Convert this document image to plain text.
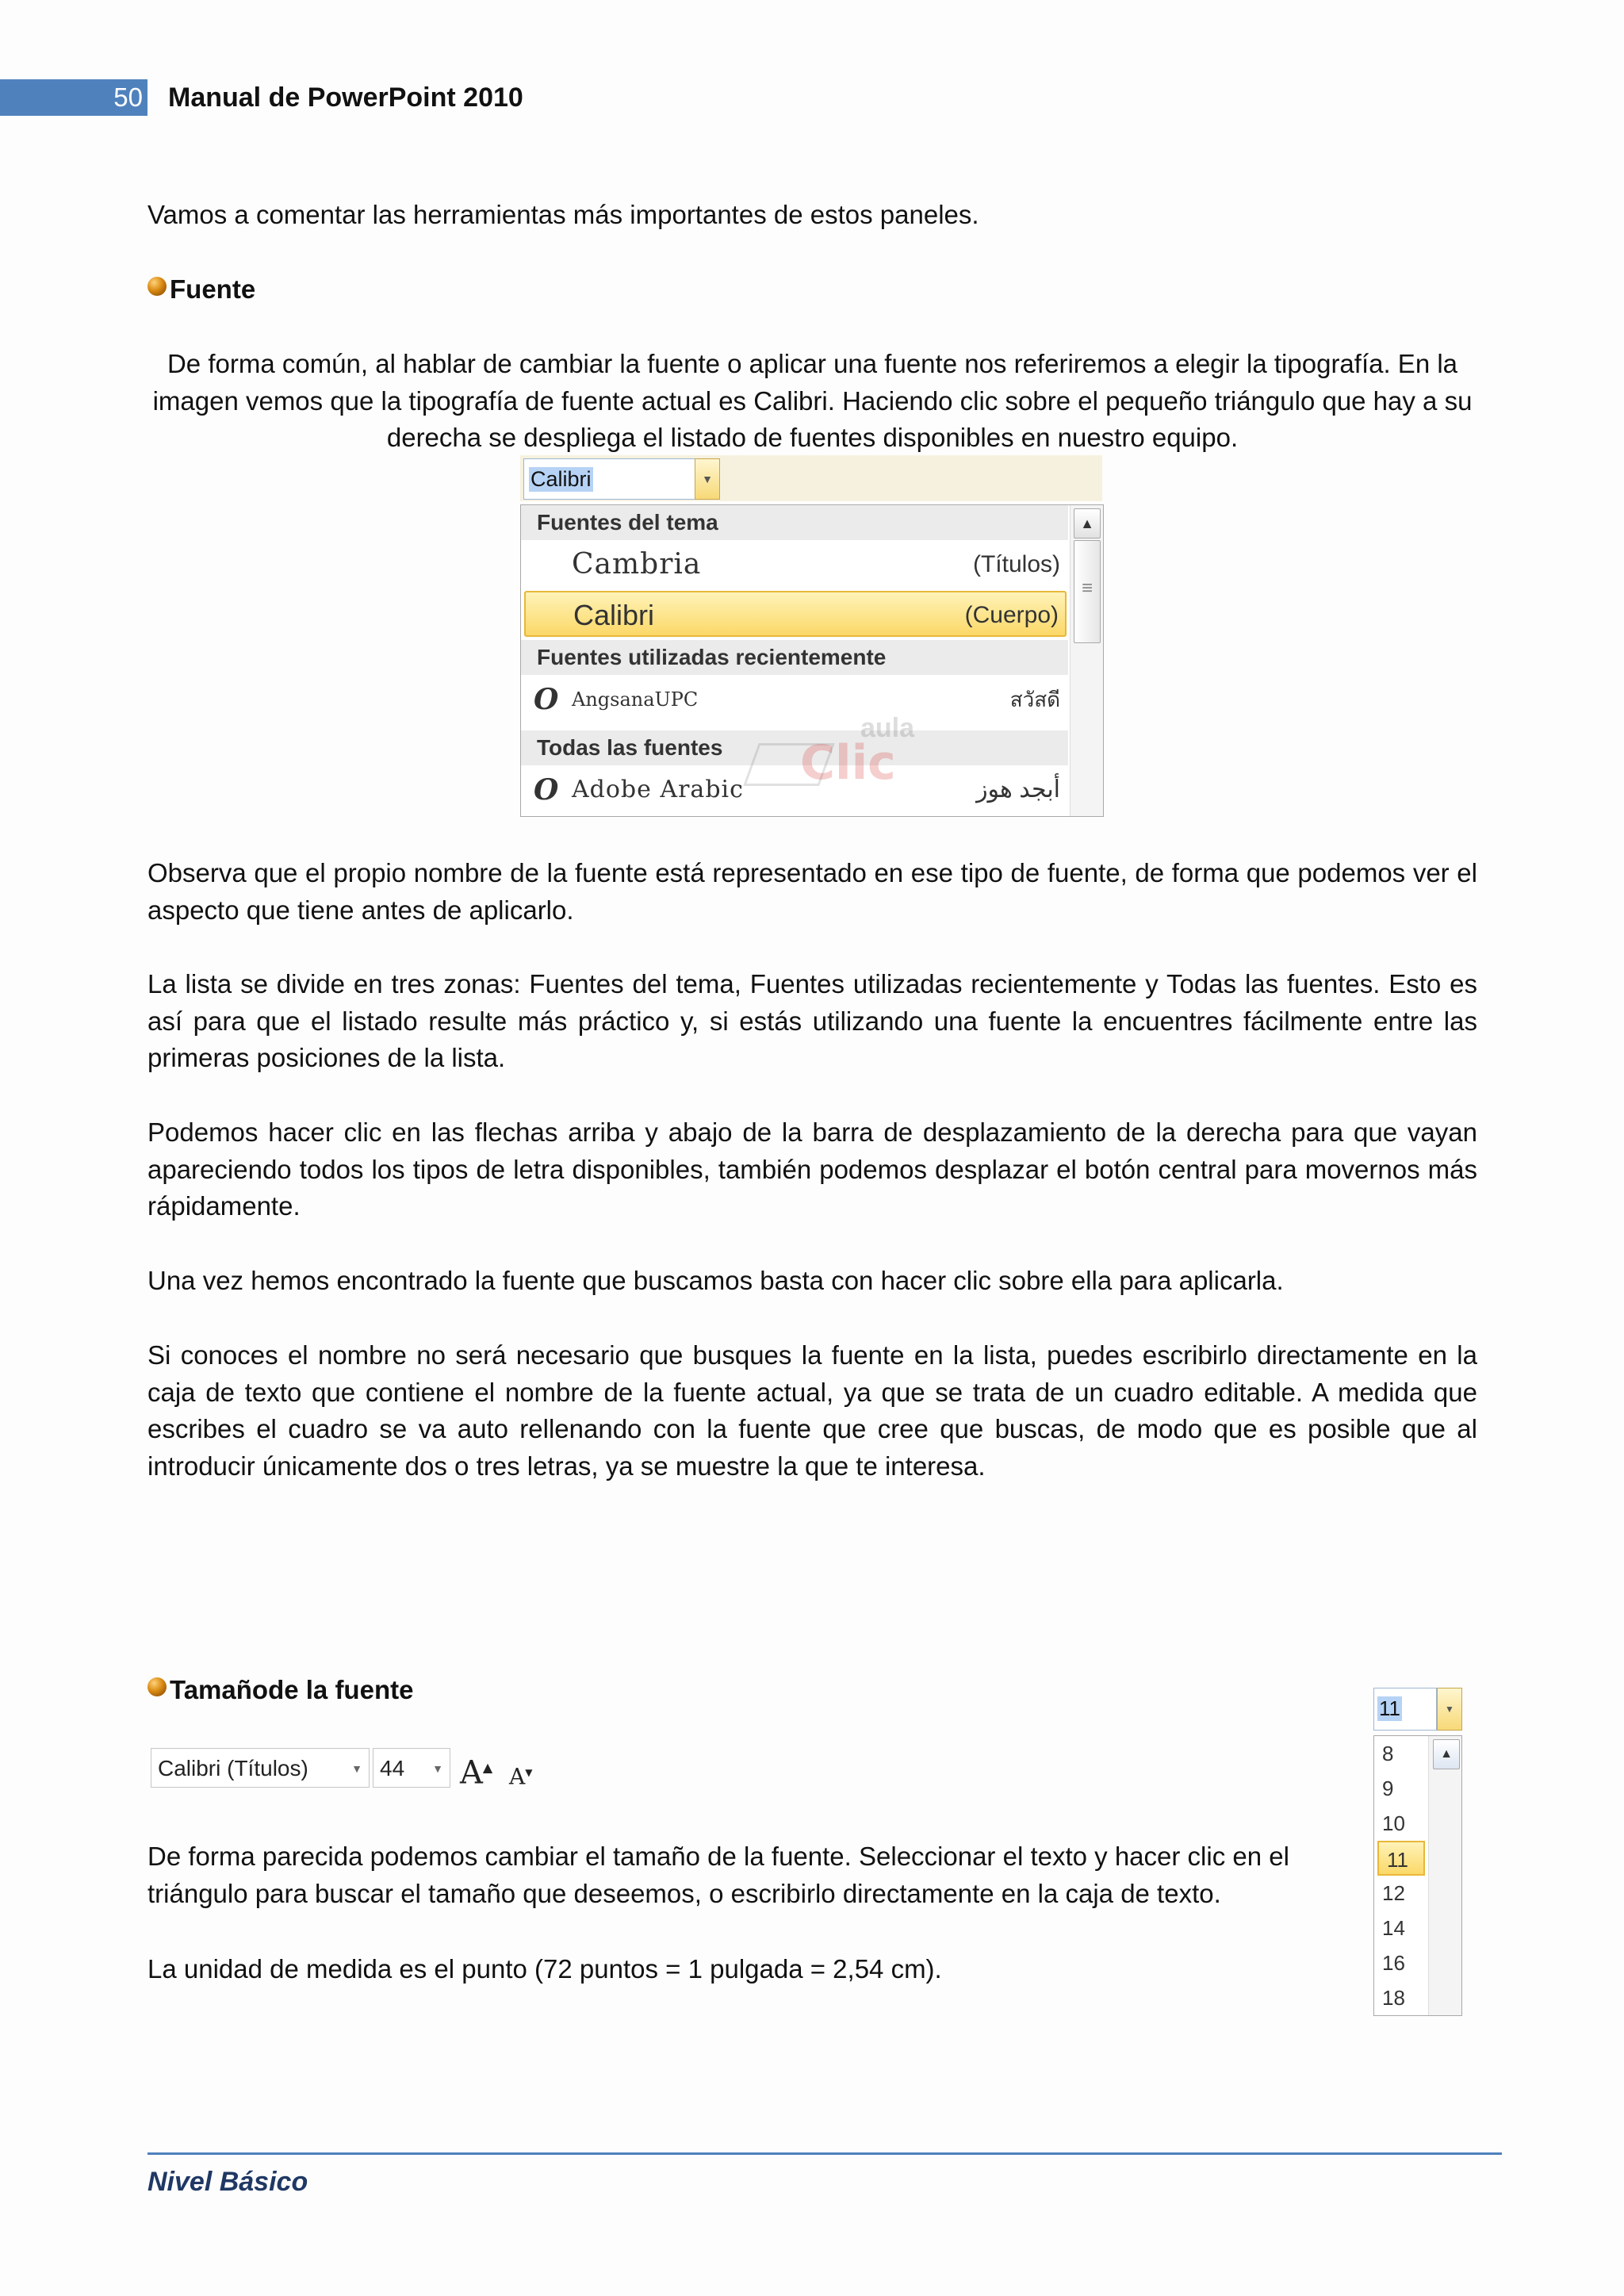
50 Manual de PowerPoint 2010
Vamos a comentar las herramientas más importantes de estos paneles.
Fuente
De forma común, al hablar de cambiar la fuente o aplicar una fuente nos referiremos a elegir la tipografía. En la imagen vemos que la tipografía de fuente actual es Calibri. Haciendo clic sobre el pequeño triángulo que hay a su derecha se despliega el listado de fuentes disponibles en nuestro equipo.
Calibri	▼
Fuentes del tema
Cambria	(Títulos)
Calibri	(Cuerpo)
Fuentes utilizadas recientemente
O AngsanaUPC	สวัสดี
Todas las fuentes
O Adobe Arabic	أبجد هوز
aula
Clic
▲
≡
Observa que el propio nombre de la fuente está representado en ese tipo de fuente, de forma que podemos ver el aspecto que tiene antes de aplicarlo.
La lista se divide en tres zonas: Fuentes del tema, Fuentes utilizadas recientemente y Todas las fuentes. Esto es así para que el listado resulte más práctico y, si estás utilizando una fuente la encuentres fácilmente entre las primeras posiciones de la lista.
Podemos hacer clic en las flechas arriba y abajo de la barra de desplazamiento de la derecha para que vayan apareciendo todos los tipos de letra disponibles, también podemos desplazar el botón central para movernos más rápidamente.
Una vez hemos encontrado la fuente que buscamos basta con hacer clic sobre ella para aplicarla.
Si conoces el nombre no será necesario que busques la fuente en la lista, puedes escribirlo directamente en la caja de texto que contiene el nombre de la fuente actual, ya que se trata de un cuadro editable. A medida que escribes el cuadro se va auto rellenando con la fuente que cree que buscas, de modo que es posible que al introducir únicamente dos o tres letras, ya se muestre la que te interesa.
Tamañode la fuente
Calibri (Títulos)	▼ 44 ▼ A▲ A▼
11	▼
8
9
10
11
12
14
16
18
▲
De forma parecida podemos cambiar el tamaño de la fuente. Seleccionar el texto y hacer clic en el triángulo para buscar el tamaño que deseemos, o escribirlo directamente en la caja de texto.
La unidad de medida es el punto (72 puntos = 1 pulgada = 2,54 cm).
Nivel Básico
